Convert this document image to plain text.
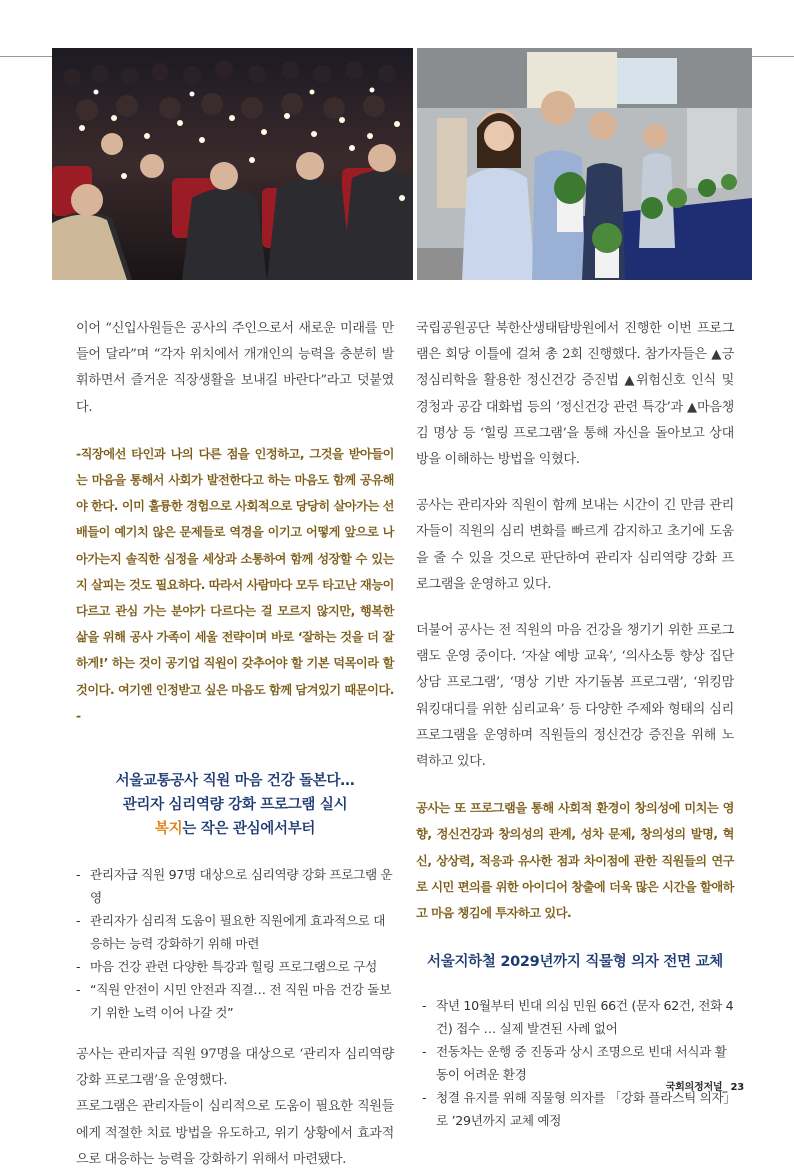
이어 “신입사원들은 공사의 주인으로서 새로운 미래를 만들어 달라”며 “각자 위치에서 개개인의 능력을 충분히 발휘하면서 즐거운 직장생활을 보내길 바란다”라고 덧붙였다.

-직장에선 타인과 나의 다른 점을 인정하고, 그것을 받아들이는 마음을 통해서 사회가 발전한다고 하는 마음도 함께 공유해야 한다. 이미 훌륭한 경험으로 사회적으로 당당히 살아가는 선배들이 예기치 않은 문제들로 역경을 이기고 어떻게 앞으로 나아가는지 솔직한 심정을 세상과 소통하여 함께 성장할 수 있는지 살피는 것도 필요하다. 따라서 사람마다 모두 타고난 재능이 다르고 관심 가는 분야가 다르다는 걸 모르지 않지만, 행복한 삶을 위해 공사 가족이 세울 전략이며 바로 ‘잘하는 것을 더 잘하게!’ 하는 것이 공기업 직원이 갖추어야 할 기본 덕목이라 할 것이다. 여기엔 인정받고 싶은 마음도 함께 담겨있기 때문이다. -

서울교통공사 직원 마음 건강 돌본다…
관리자 심리역량 강화 프로그램 실시
복지는 작은 관심에서부터
- 관리자급 직원 97명 대상으로 심리역량 강화 프로그램 운영
- 관리자가 심리적 도움이 필요한 직원에게 효과적으로 대응하는 능력 강화하기 위해 마련
- 마음 건강 관련 다양한 특강과 힐링 프로그램으로 구성
- “직원 안전이 시민 안전과 직결… 전 직원 마음 건강 돌보기 위한 노력 이어 나갈 것”

공사는 관리자급 직원 97명을 대상으로 ‘관리자 심리역량 강화 프로그램’을 운영했다.

프로그램은 관리자들이 심리적으로 도움이 필요한 직원들에게 적절한 치료 방법을 유도하고, 위기 상황에서 효과적으로 대응하는 능력을 강화하기 위해서 마련됐다.

국립공원공단 북한산생태탐방원에서 진행한 이번 프로그램은 회당 이틀에 걸쳐 총 2회 진행했다. 참가자들은 ▲긍정심리학을 활용한 정신건강 증진법 ▲위험신호 인식 및 경청과 공감 대화법 등의 ‘정신건강 관련 특강’과 ▲마음챙김 명상 등 ‘힐링 프로그램’을 통해 자신을 돌아보고 상대방을 이해하는 방법을 익혔다.

공사는 관리자와 직원이 함께 보내는 시간이 긴 만큼 관리자들이 직원의 심리 변화를 빠르게 감지하고 초기에 도움을 줄 수 있을 것으로 판단하여 관리자 심리역량 강화 프로그램을 운영하고 있다.

더불어 공사는 전 직원의 마음 건강을 챙기기 위한 프로그램도 운영 중이다. ‘자살 예방 교육’, ‘의사소통 향상 집단상담 프로그램’, ‘명상 기반 자기돌봄 프로그램’, ‘위킹맘 워킹대디를 위한 심리교육’ 등 다양한 주제와 형태의 심리 프로그램을 운영하며 직원들의 정신건강 증진을 위해 노력하고 있다.

공사는 또 프로그램을 통해 사회적 환경이 창의성에 미치는 영향, 정신건강과 창의성의 관계, 성차 문제, 창의성의 발명, 혁신, 상상력, 적응과 유사한 점과 차이점에 관한 직원들의 연구로 시민 편의를 위한 아이디어 창출에 더욱 많은 시간을 할애하고 마음 챙김에 투자하고 있다.

서울지하철 2029년까지 직물형 의자 전면 교체
- 작년 10월부터 빈대 의심 민원 66건 (문자 62건, 전화 4건) 접수 … 실제 발견된 사례 없어
- 전동차는 운행 중 진동과 상시 조명으로 빈대 서식과 활동이 어려운 환경
- 청결 유지를 위해 직물형 의자를 「강화 플라스틱 의자」로 ’29년까지 교체 예정
국회의정저널_ 23
